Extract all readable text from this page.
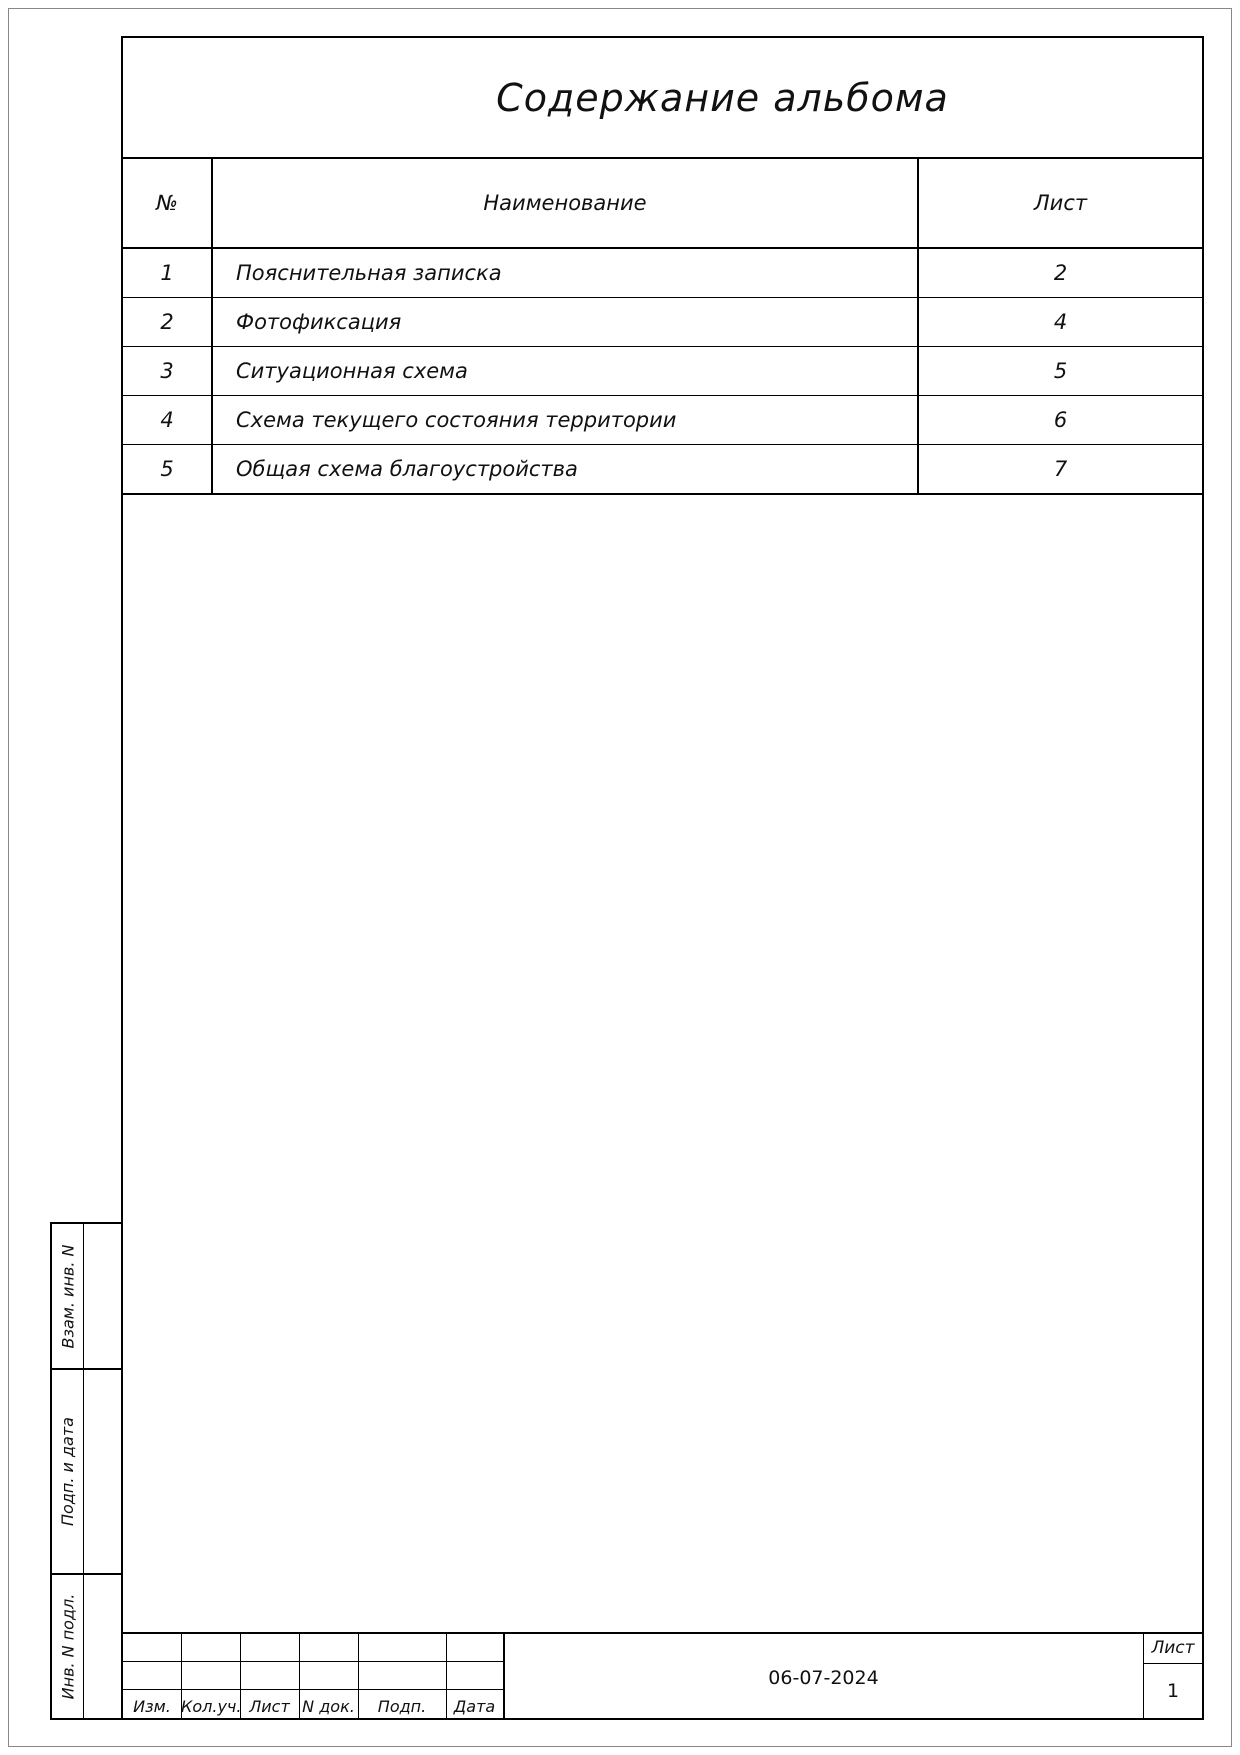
Содержание альбома
№	Наименование	Лист
1	Пояснительная записка	2
2	Фотофиксация	4
3	Ситуационная схема	5
4	Схема текущего состояния территории	6
5	Общая схема благоустройства	7
Изм. Кол.уч. Лист N док.	Подп.	Дата
06-07-2024
Лист
1
Взам. инв. N
Подп. и дата
Инв. N подл.
